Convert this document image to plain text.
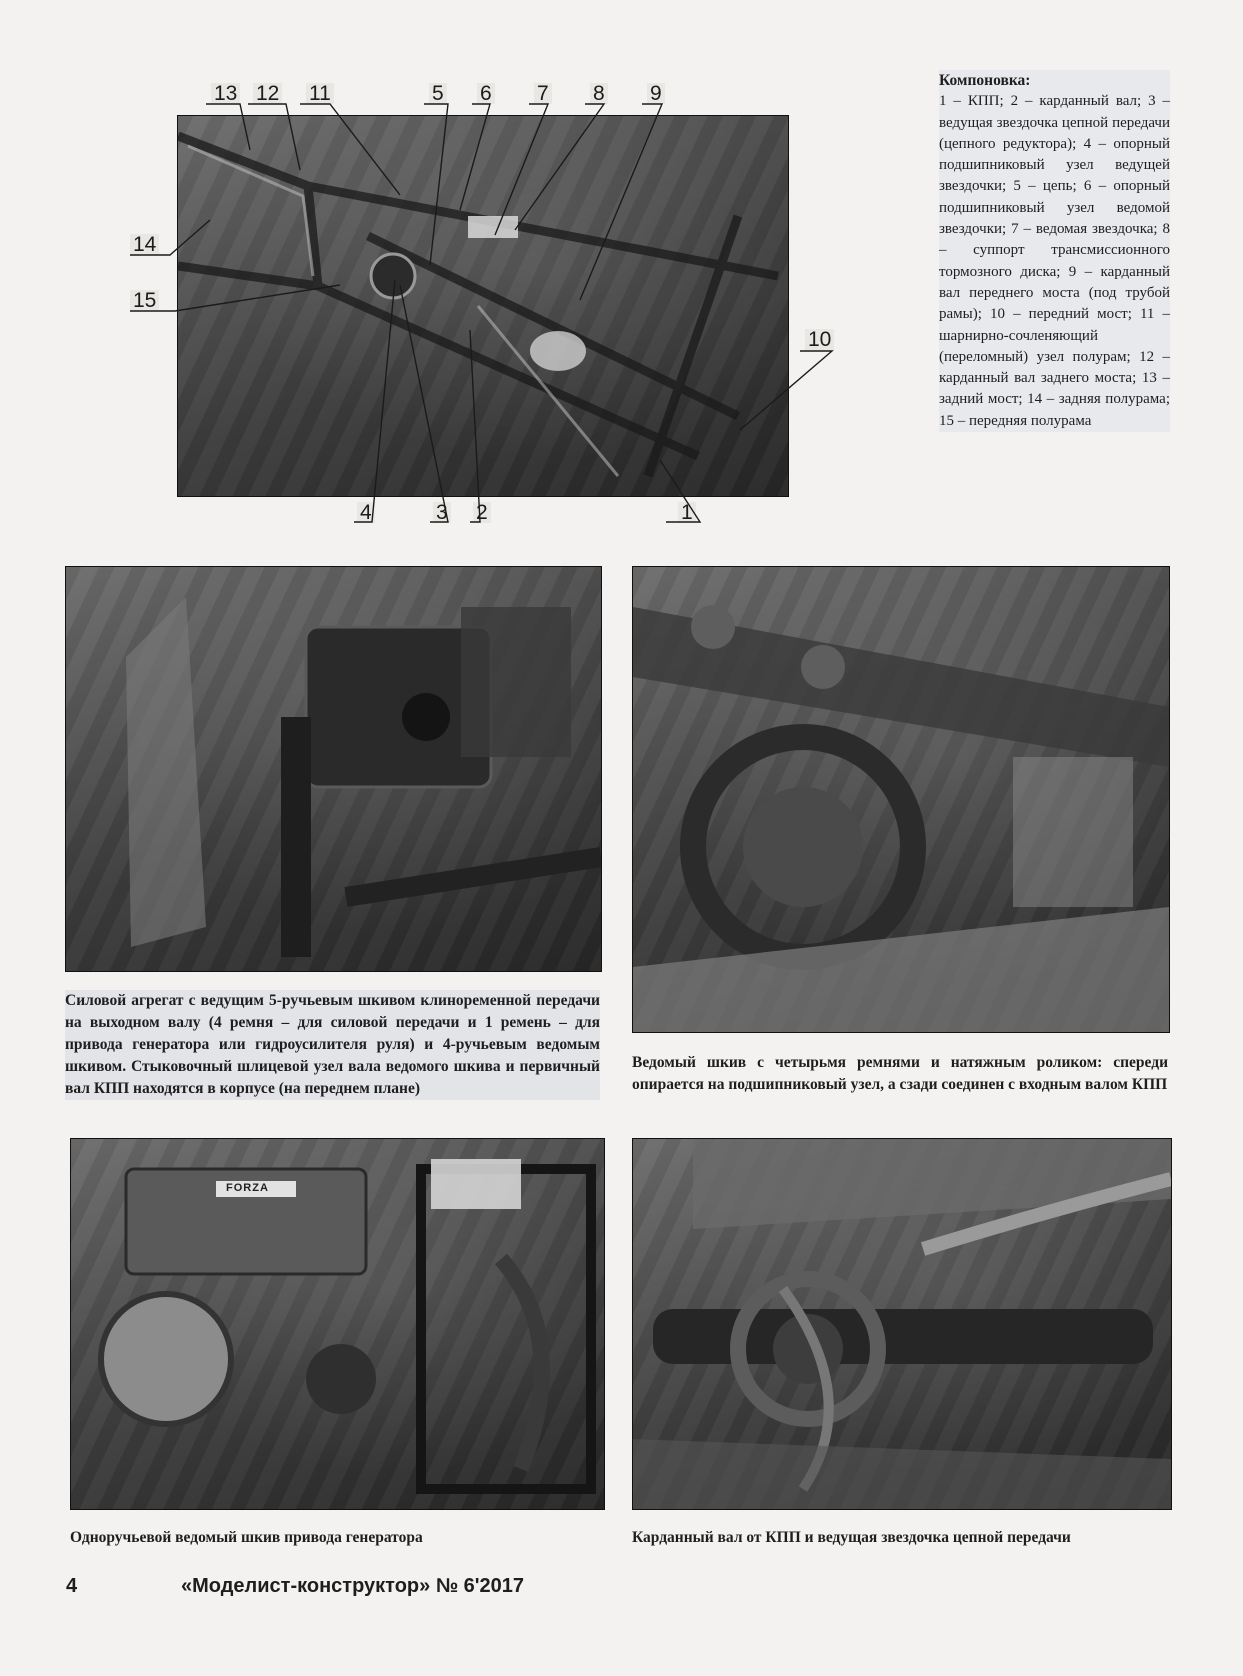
13 12 11	5 6 7 8 9
14
15
10
4	3 2	1
Компоновка:
1 – КПП; 2 – карданный вал; 3 – ведущая звездочка цепной передачи (цепного редуктора); 4 – опорный подшипниковый узел ведущей звездочки; 5 – цепь; 6 – опорный подшипниковый узел ведомой звездочки; 7 – ведомая звездочка; 8 – суппорт трансмиссионного тормозного диска; 9 – карданный вал переднего моста (под трубой рамы); 10 – передний мост; 11 – шарнирно-сочленяющий (переломный) узел полурам; 12 – карданный вал заднего моста; 13 – задний мост; 14 – задняя полурама; 15 – передняя полурама
Силовой агрегат с ведущим 5-ручьевым шкивом клиноременной передачи на выходном валу (4 ремня – для силовой передачи и 1 ремень – для привода генератора или гидроусилителя руля) и 4-ручьевым ведомым шкивом. Стыковочный шлицевой узел вала ведомого шкива и первичный вал КПП находятся в корпусе (на переднем плане)
Ведомый шкив с четырьмя ремнями и натяжным роликом: спереди опирается на подшипниковый узел, а сзади соединен с входным валом КПП
FORZA
Одноручьевой ведомый шкив привода генератора	Карданный вал от КПП и ведущая звездочка цепной передачи
4	«Моделист-конструктор» № 6'2017
